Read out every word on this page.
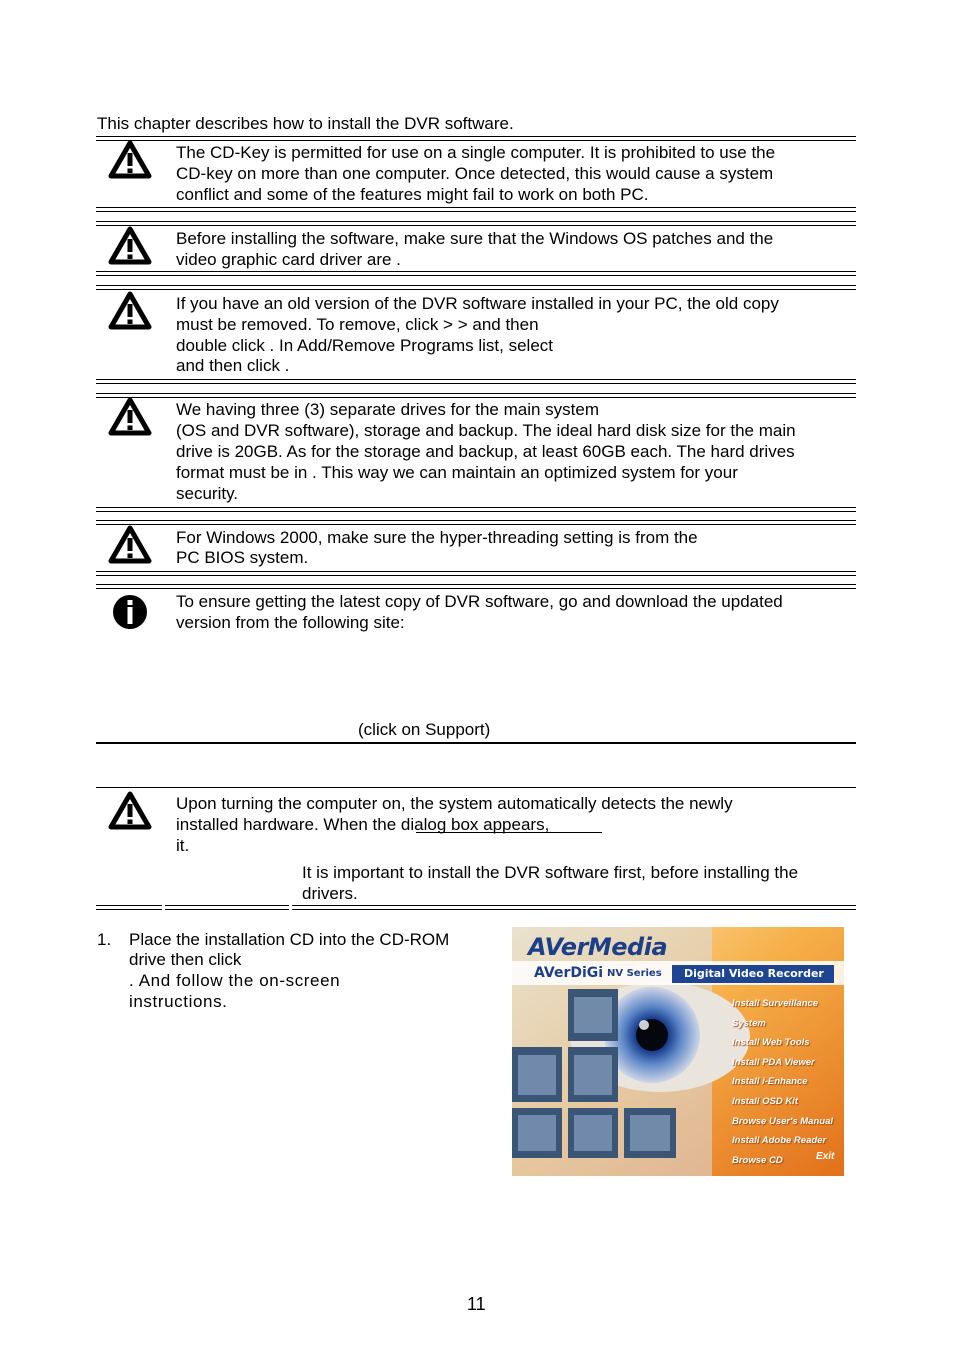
This chapter describes how to install the DVR software.
The CD-Key is permitted for use on a single computer. It is prohibited to use the
CD-key on more than one computer. Once detected, this would cause a system
conflict and some of the features might fail to work on both PC.
Before installing the software, make sure that the Windows OS patches and the
video graphic card driver are .
If you have an old version of the DVR software installed in your PC, the old copy
must be removed. To remove, click > > and then
double click . In Add/Remove Programs list, select
and then click .
We having three (3) separate drives for the main system
(OS and DVR software), storage and backup. The ideal hard disk size for the main
drive is 20GB. As for the storage and backup, at least 60GB each. The hard drives
format must be in . This way we can maintain an optimized system for your
security.
For Windows 2000, make sure the hyper-threading setting is from the
PC BIOS system.
To ensure getting the latest copy of DVR software, go and download the updated
version from the following site:
(click on Support)
Upon turning the computer on, the system automatically detects the newly
installed hardware. When the dialog box appears,
it.
It is important to install the DVR software first, before installing the
drivers.
1. Place the installation CD into the CD-ROM
drive then click
. And follow the on-screen
instructions.
AVerMedia
AVerDiGi NV Series Digital Video Recorder
Install Surveillance System
Install Web Tools
Install PDA Viewer
Install i-Enhance
Install OSD Kit
Browse User's Manual
Install Adobe Reader
Browse CD	Exit
11
